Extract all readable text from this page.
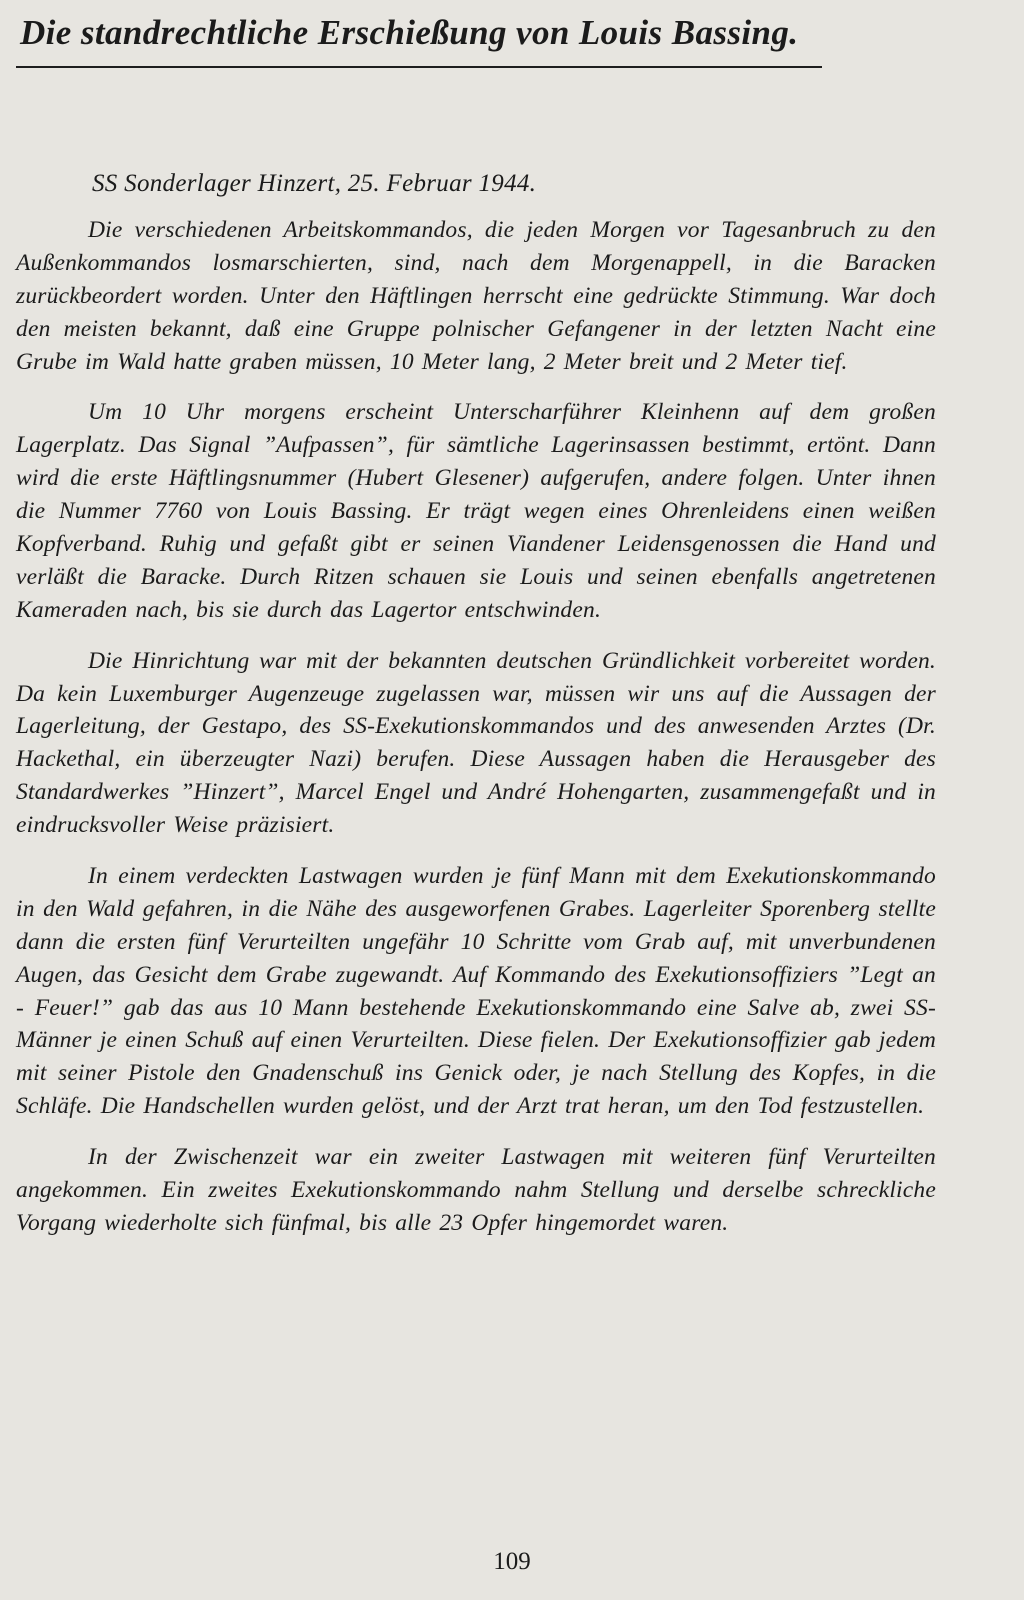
Die standrechtliche Erschießung von Louis Bassing.
SS Sonderlager Hinzert, 25. Februar 1944.

Die verschiedenen Arbeitskommandos, die jeden Morgen vor Tagesanbruch zu den Außenkommandos losmarschierten, sind, nach dem Morgenappell, in die Baracken zurückbeordert worden. Unter den Häftlingen herrscht eine gedrückte Stimmung. War doch den meisten bekannt, daß eine Gruppe polnischer Gefangener in der letzten Nacht eine Grube im Wald hatte graben müssen, 10 Meter lang, 2 Meter breit und 2 Meter tief.

Um 10 Uhr morgens erscheint Unterscharführer Kleinhenn auf dem großen Lagerplatz. Das Signal ”Aufpassen”, für sämtliche Lagerinsassen bestimmt, ertönt. Dann wird die erste Häftlingsnummer (Hubert Glesener) aufgerufen, andere folgen. Unter ihnen die Nummer 7760 von Louis Bassing. Er trägt wegen eines Ohrenleidens einen weißen Kopfverband. Ruhig und gefaßt gibt er seinen Viandener Leidensgenossen die Hand und verläßt die Baracke. Durch Ritzen schauen sie Louis und seinen ebenfalls angetretenen Kameraden nach, bis sie durch das Lagertor entschwinden.

Die Hinrichtung war mit der bekannten deutschen Gründlichkeit vorbereitet worden. Da kein Luxemburger Augenzeuge zugelassen war, müssen wir uns auf die Aussagen der Lagerleitung, der Gestapo, des SS-Exekutionskommandos und des anwesenden Arztes (Dr. Hackethal, ein überzeugter Nazi) berufen. Diese Aussagen haben die Herausgeber des Standardwerkes ”Hinzert”, Marcel Engel und André Hohengarten, zusammengefaßt und in eindrucksvoller Weise präzisiert.

In einem verdeckten Lastwagen wurden je fünf Mann mit dem Exekutionskommando in den Wald gefahren, in die Nähe des ausgeworfenen Grabes. Lagerleiter Sporenberg stellte dann die ersten fünf Verurteilten ungefähr 10 Schritte vom Grab auf, mit unverbundenen Augen, das Gesicht dem Grabe zugewandt. Auf Kommando des Exekutionsoffiziers ”Legt an - Feuer!” gab das aus 10 Mann bestehende Exekutionskommando eine Salve ab, zwei SS-Männer je einen Schuß auf einen Verurteilten. Diese fielen. Der Exekutionsoffizier gab jedem mit seiner Pistole den Gnadenschuß ins Genick oder, je nach Stellung des Kopfes, in die Schläfe. Die Handschellen wurden gelöst, und der Arzt trat heran, um den Tod festzustellen.

In der Zwischenzeit war ein zweiter Lastwagen mit weiteren fünf Verurteilten angekommen. Ein zweites Exekutionskommando nahm Stellung und derselbe schreckliche Vorgang wiederholte sich fünfmal, bis alle 23 Opfer hingemordet waren.

109
